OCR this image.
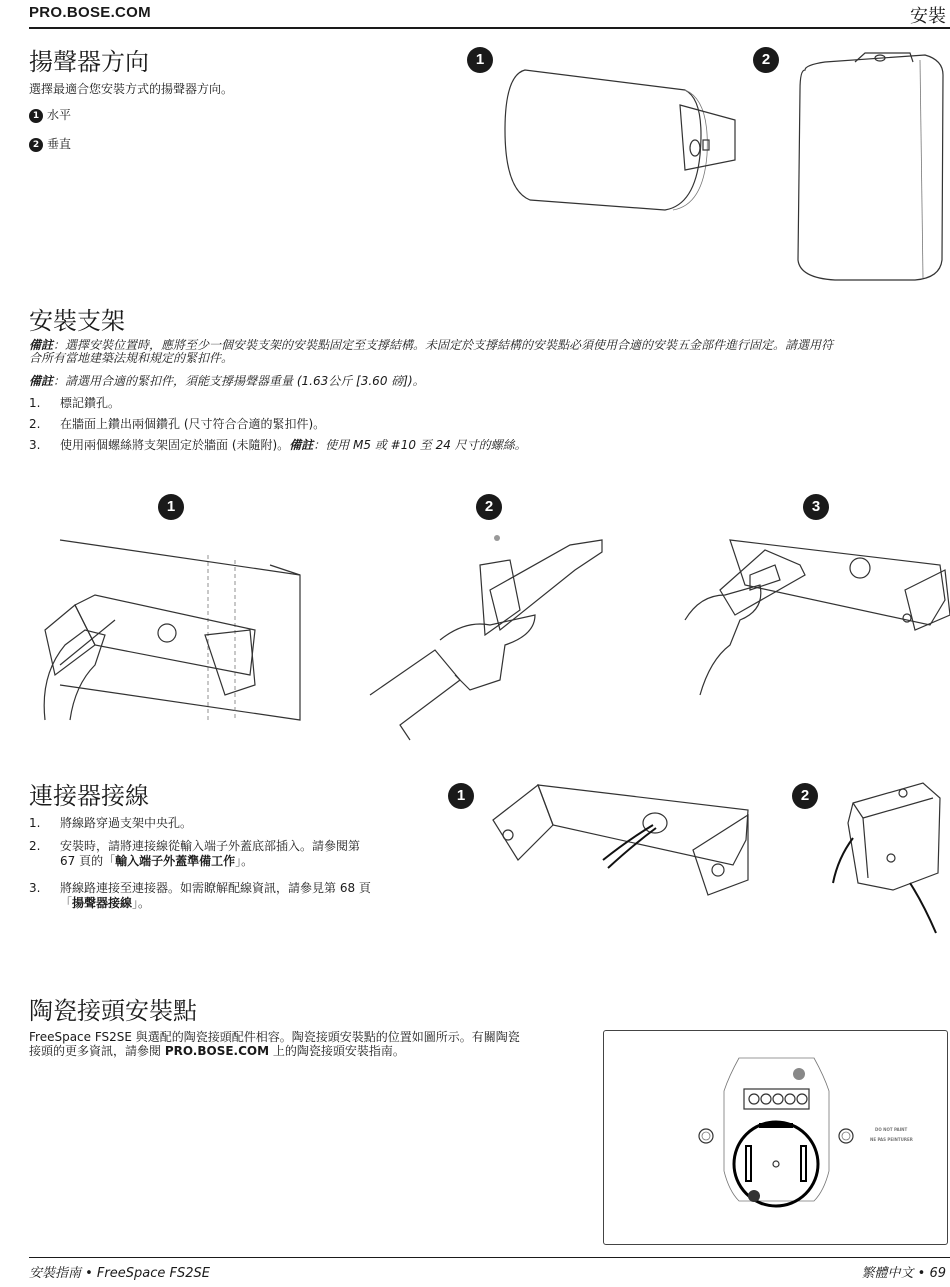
PRO.BOSE.COM	安裝
揚聲器方向
選擇最適合您安裝方式的揚聲器方向。
1 水平
2 垂直
1	2
安裝支架
備註：選擇安裝位置時，應將至少一個安裝支架的安裝點固定至支撐結構。未固定於支撐結構的安裝點必須使用合適的安裝五金部件進行固定。請選用符
合所有當地建築法規和規定的緊扣件。
備註：請選用合適的緊扣件，須能支撐揚聲器重量 (1.63公斤 [3.60 磅])。
1. 標記鑽孔。
2. 在牆面上鑽出兩個鑽孔 (尺寸符合合適的緊扣件)。
3. 使用兩個螺絲將支架固定於牆面 (未隨附)。備註：使用 M5 或 #10 至 24 尺寸的螺絲。
1	2	3
連接器接線
1. 將線路穿過支架中央孔。
2. 安裝時，請將連接線從輸入端子外蓋底部插入。請參閱第
67 頁的「輸入端子外蓋準備工作」。
3. 將線路連接至連接器。如需瞭解配線資訊，請參見第 68 頁
「揚聲器接線」。
1	2
陶瓷接頭安裝點
FreeSpace FS2SE 與選配的陶瓷接頭配件相容。陶瓷接頭安裝點的位置如圖所示。有關陶瓷
接頭的更多資訊，請參閱 PRO.BOSE.COM 上的陶瓷接頭安裝指南。
DO NOT PAINT
NE PAS PEINTURER
安裝指南 • FreeSpace FS2SE	繁體中文 • 69
